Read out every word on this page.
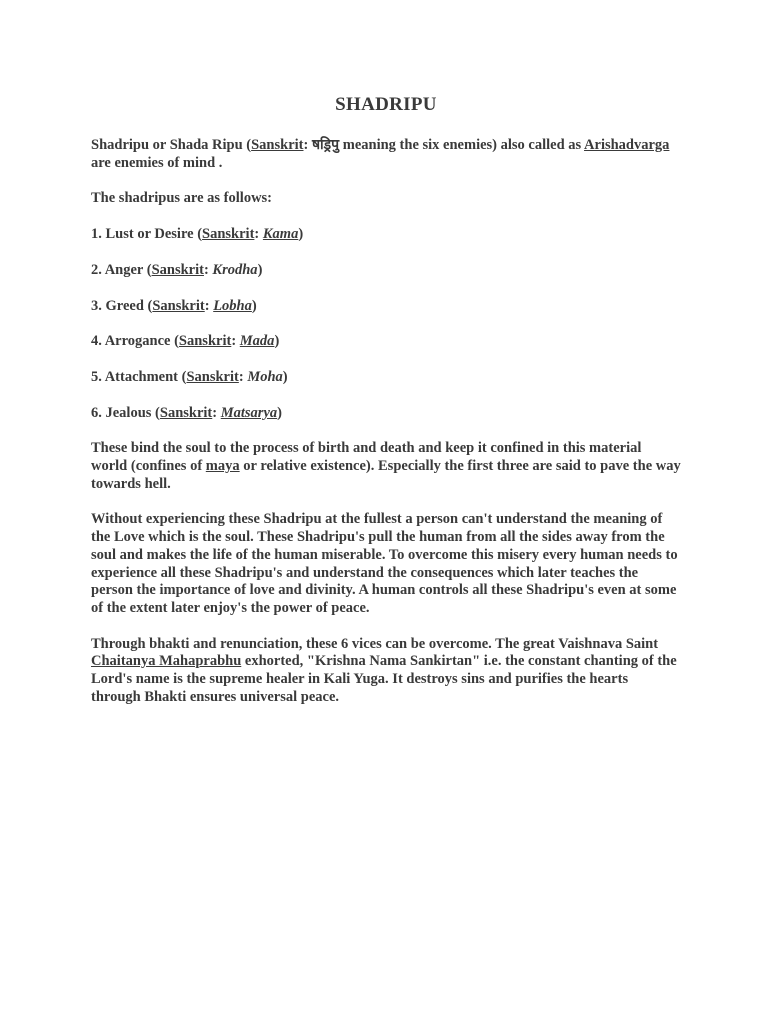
SHADRIPU

Shadripu or Shada Ripu (Sanskrit: षड्रिपु meaning the six enemies) also called as Arishadvarga are enemies of mind .

The shadripus are as follows:

1. Lust or Desire (Sanskrit: Kama)

2. Anger (Sanskrit: Krodha)

3. Greed (Sanskrit: Lobha)

4. Arrogance (Sanskrit: Mada)

5. Attachment (Sanskrit: Moha)

6. Jealous (Sanskrit: Matsarya)

These bind the soul to the process of birth and death and keep it confined in this material world (confines of maya or relative existence). Especially the first three are said to pave the way towards hell.

Without experiencing these Shadripu at the fullest a person can't understand the meaning of the Love which is the soul. These Shadripu's pull the human from all the sides away from the soul and makes the life of the human miserable. To overcome this misery every human needs to experience all these Shadripu's and understand the consequences which later teaches the person the importance of love and divinity. A human controls all these Shadripu's even at some of the extent later enjoy's the power of peace.

Through bhakti and renunciation, these 6 vices can be overcome. The great Vaishnava Saint Chaitanya Mahaprabhu exhorted, "Krishna Nama Sankirtan" i.e. the constant chanting of the Lord's name is the supreme healer in Kali Yuga. It destroys sins and purifies the hearts through Bhakti ensures universal peace.
